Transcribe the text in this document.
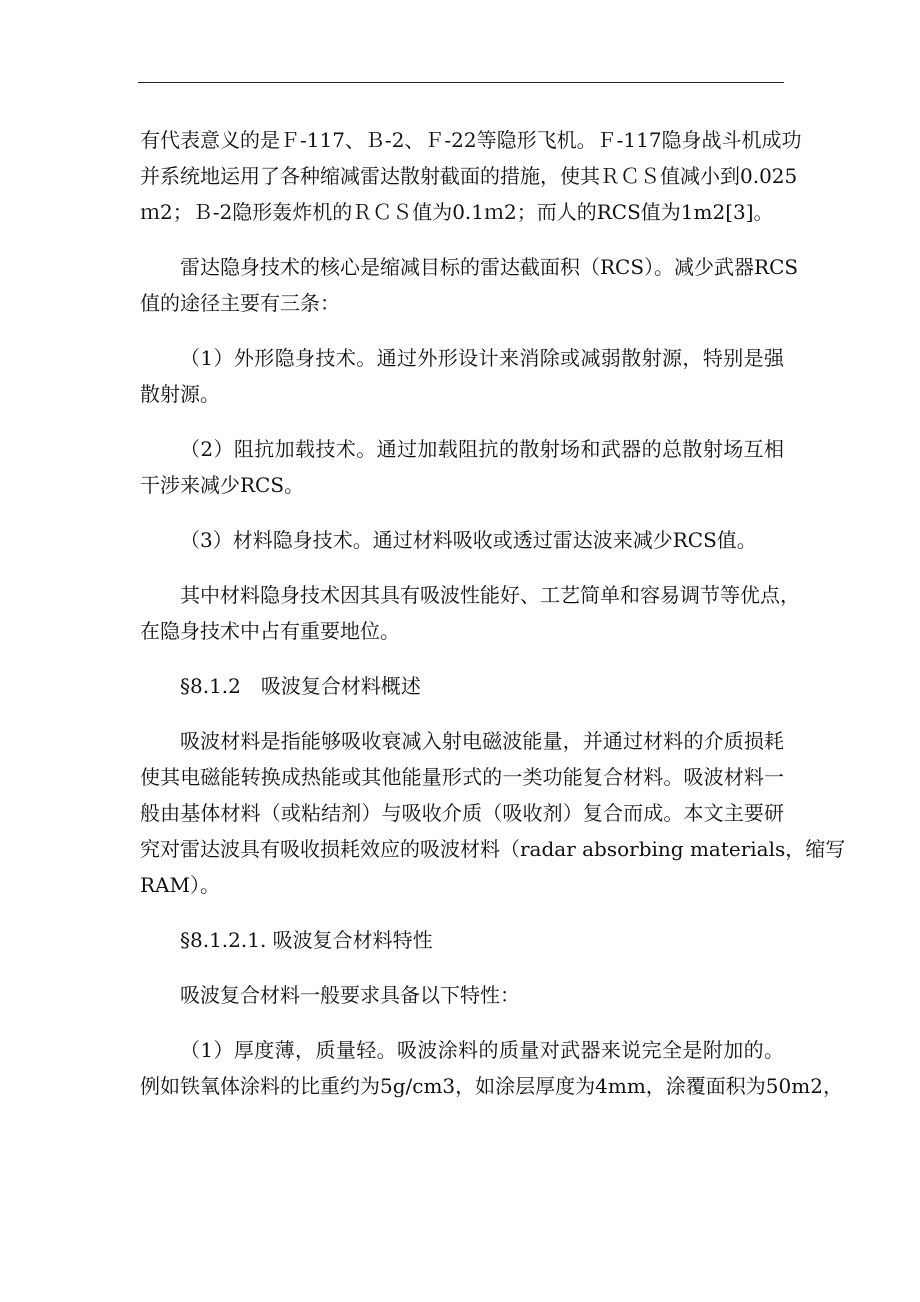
有代表意义的是Ｆ-117、Ｂ-2、Ｆ-22等隐形飞机。Ｆ-117隐身战斗机成功
并系统地运用了各种缩减雷达散射截面的措施，使其ＲＣＳ值减小到0.025
ｍ2；Ｂ-2隐形轰炸机的ＲＣＳ值为0.1ｍ2；而人的RCS值为1m2[3]。
雷达隐身技术的核心是缩减目标的雷达截面积（RCS）。减少武器RCS
值的途径主要有三条：
（1）外形隐身技术。通过外形设计来消除或减弱散射源，特别是强
散射源。
（2）阻抗加载技术。通过加载阻抗的散射场和武器的总散射场互相
干涉来减少RCS。
（3）材料隐身技术。通过材料吸收或透过雷达波来减少RCS值。
其中材料隐身技术因其具有吸波性能好、工艺简单和容易调节等优点，
在隐身技术中占有重要地位。
§8.1.2　吸波复合材料概述
吸波材料是指能够吸收衰减入射电磁波能量，并通过材料的介质损耗
使其电磁能转换成热能或其他能量形式的一类功能复合材料。吸波材料一
般由基体材料（或粘结剂）与吸收介质（吸收剂）复合而成。本文主要研
究对雷达波具有吸收损耗效应的吸波材料（radar absorbing materials，缩写
RAM）。
§8.1.2.1. 吸波复合材料特性
吸波复合材料一般要求具备以下特性：
（1）厚度薄，质量轻。吸波涂料的质量对武器来说完全是附加的。
例如铁氧体涂料的比重约为5g/cm3，如涂层厚度为4mm，涂覆面积为50m2，
